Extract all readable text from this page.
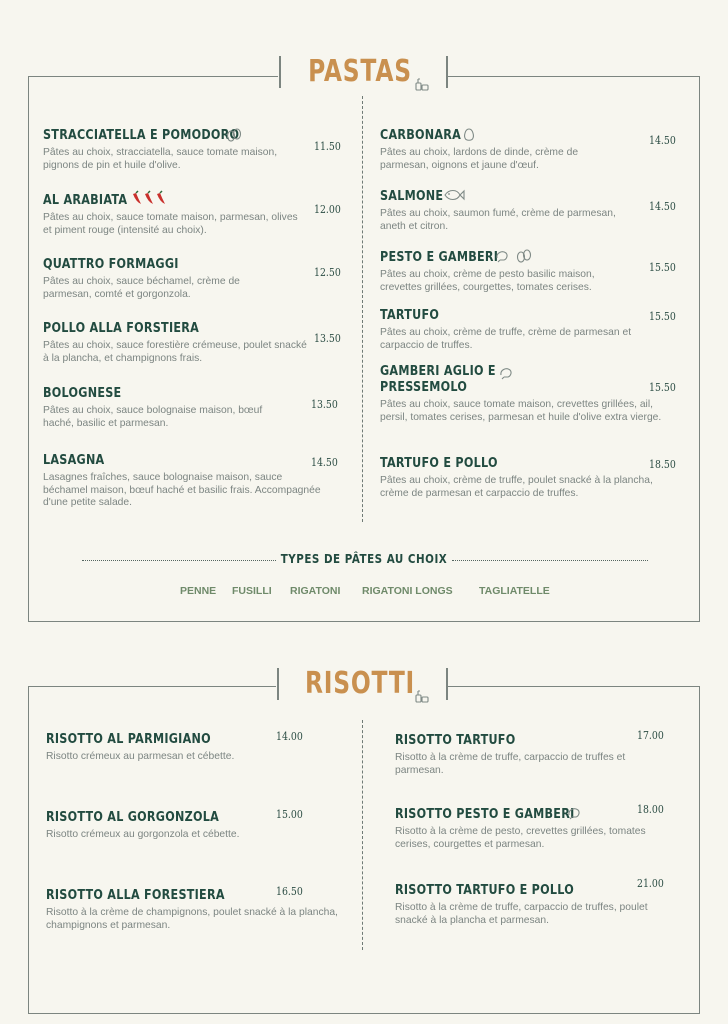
PASTAS
STRACCIATELLA E POMODORO
Pâtes au choix, stracciatella, sauce tomate maison, pignons de pin et huile d'olive.
11.50
AL ARABIATA
Pâtes au choix, sauce tomate maison, parmesan, olives et piment rouge (intensité au choix).
12.00
QUATTRO FORMAGGI
Pâtes au choix, sauce béchamel, crème de parmesan, comté et gorgonzola.
12.50
POLLO ALLA FORSTIERA
Pâtes au choix, sauce forestière crémeuse, poulet snacké à la plancha, et champignons frais.
13.50
BOLOGNESE
Pâtes au choix, sauce bolognaise maison, bœuf haché, basilic et parmesan.
13.50
LASAGNA
Lasagnes fraîches, sauce bolognaise maison, sauce béchamel maison, bœuf haché et basilic frais. Accompagnée d'une petite salade.
14.50
CARBONARA
Pâtes au choix, lardons de dinde, crème de parmesan, oignons et jaune d'œuf.
14.50
SALMONE
Pâtes au choix, saumon fumé, crème de parmesan, aneth et citron.
14.50
PESTO E GAMBERI
Pâtes au choix, crème de pesto basilic maison, crevettes grillées, courgettes, tomates cerises.
15.50
TARTUFO
Pâtes au choix, crème de truffe, crème de parmesan et carpaccio de truffes.
15.50
GAMBERI AGLIO E PRESSEMOLO
Pâtes au choix, sauce tomate maison, crevettes grillées, ail, persil, tomates cerises, parmesan et huile d'olive extra vierge.
15.50
TARTUFO E POLLO
Pâtes au choix, crème de truffe, poulet snacké à la plancha, crème de parmesan et carpaccio de truffes.
18.50
TYPES DE PÂTES AU CHOIX
PENNE FUSILLI RIGATONI RIGATONI LONGS	TAGLIATELLE
RISOTTI
RISOTTO AL PARMIGIANO
Risotto crémeux au parmesan et cébette.
14.00
RISOTTO AL GORGONZOLA
Risotto crémeux au gorgonzola et cébette.
15.00
RISOTTO ALLA FORESTIERA
Risotto à la crème de champignons, poulet snacké à la plancha, champignons et parmesan.
16.50
RISOTTO TARTUFO
Risotto à la crème de truffe, carpaccio de truffes et parmesan.
17.00
RISOTTO PESTO E GAMBERI
Risotto à la crème de pesto, crevettes grillées, tomates cerises, courgettes et parmesan.
18.00
RISOTTO TARTUFO E POLLO
Risotto à la crème de truffe, carpaccio de truffes, poulet snacké à la plancha et parmesan.
21.00
